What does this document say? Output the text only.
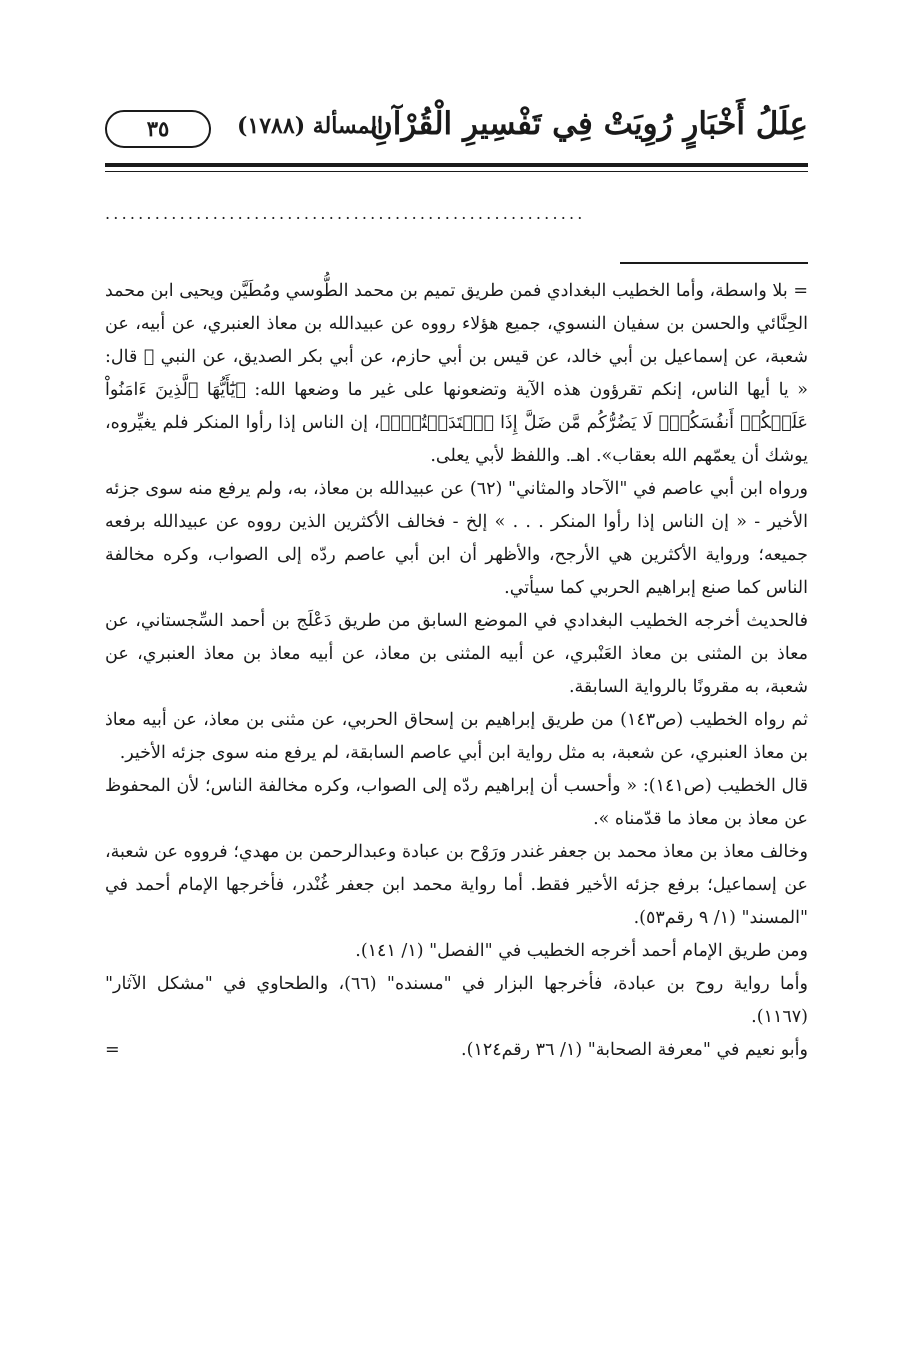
عِلَلُ أَخْبَارٍ رُوِيَتْ فِي تَفْسِيرِ الْقُرْآنِ
المسألة (١٧٨٨)
٣٥
..........................................................

= بلا واسطة، وأما الخطيب البغدادي فمن طريق تميم بن محمد الطُّوسي ومُطَيَّن ويحيى ابن محمد الحِنَّائي والحسن بن سفيان النسوي، جميع هؤلاء رووه عن عبيدالله بن معاذ العنبري، عن أبيه، عن شعبة، عن إسماعيل بن أبي خالد، عن قيس بن أبي حازم، عن أبي بكر الصديق، عن النبي ﷺ قال: « يا أيها الناس، إنكم تقرؤون هذه الآية وتضعونها على غير ما وضعها الله: ﴿يَٰٓأَيُّهَا ٱلَّذِينَ ءَامَنُواْ عَلَيۡكُمۡ أَنفُسَكُمۡۖ لَا يَضُرُّكُم مَّن ضَلَّ إِذَا ٱهۡتَدَيۡتُمۡۚ﴾، إن الناس إذا رأوا المنكر فلم يغيِّروه، يوشك أن يعمّهم الله بعقاب». اهـ. واللفظ لأبي يعلى.

ورواه ابن أبي عاصم في "الآحاد والمثاني" (٦٢) عن عبيدالله بن معاذ، به، ولم يرفع منه سوى جزئه الأخير - « إن الناس إذا رأوا المنكر . . . » إلخ - فخالف الأكثرين الذين رووه عن عبيدالله برفعه جميعه؛ ورواية الأكثرين هي الأرجح، والأظهر أن ابن أبي عاصم ردّه إلى الصواب، وكره مخالفة الناس كما صنع إبراهيم الحربي كما سيأتي.

فالحديث أخرجه الخطيب البغدادي في الموضع السابق من طريق دَعْلَج بن أحمد السِّجستاني، عن معاذ بن المثنى بن معاذ العَنْبري، عن أبيه المثنى بن معاذ، عن أبيه معاذ بن معاذ العنبري، عن شعبة، به مقرونًا بالرواية السابقة.

ثم رواه الخطيب (ص١٤٣) من طريق إبراهيم بن إسحاق الحربي، عن مثنى بن معاذ، عن أبيه معاذ بن معاذ العنبري، عن شعبة، به مثل رواية ابن أبي عاصم السابقة، لم يرفع منه سوى جزئه الأخير.

قال الخطيب (ص١٤١): « وأحسب أن إبراهيم ردّه إلى الصواب، وكره مخالفة الناس؛ لأن المحفوظ عن معاذ بن معاذ ما قدّمناه ».

وخالف معاذ بن معاذ محمد بن جعفر غندر ورَوْح بن عبادة وعبدالرحمن بن مهدي؛ فرووه عن شعبة، عن إسماعيل؛ برفع جزئه الأخير فقط. أما رواية محمد ابن جعفر غُنْدر، فأخرجها الإمام أحمد في "المسند" (١/ ٩ رقم٥٣).

ومن طريق الإمام أحمد أخرجه الخطيب في "الفصل" (١/ ١٤١).

وأما رواية روح بن عبادة، فأخرجها البزار في "مسنده" (٦٦)، والطحاوي في "مشكل الآثار" (١١٦٧).

وأبو نعيم في "معرفة الصحابة" (١/ ٣٦ رقم١٢٤).
=
